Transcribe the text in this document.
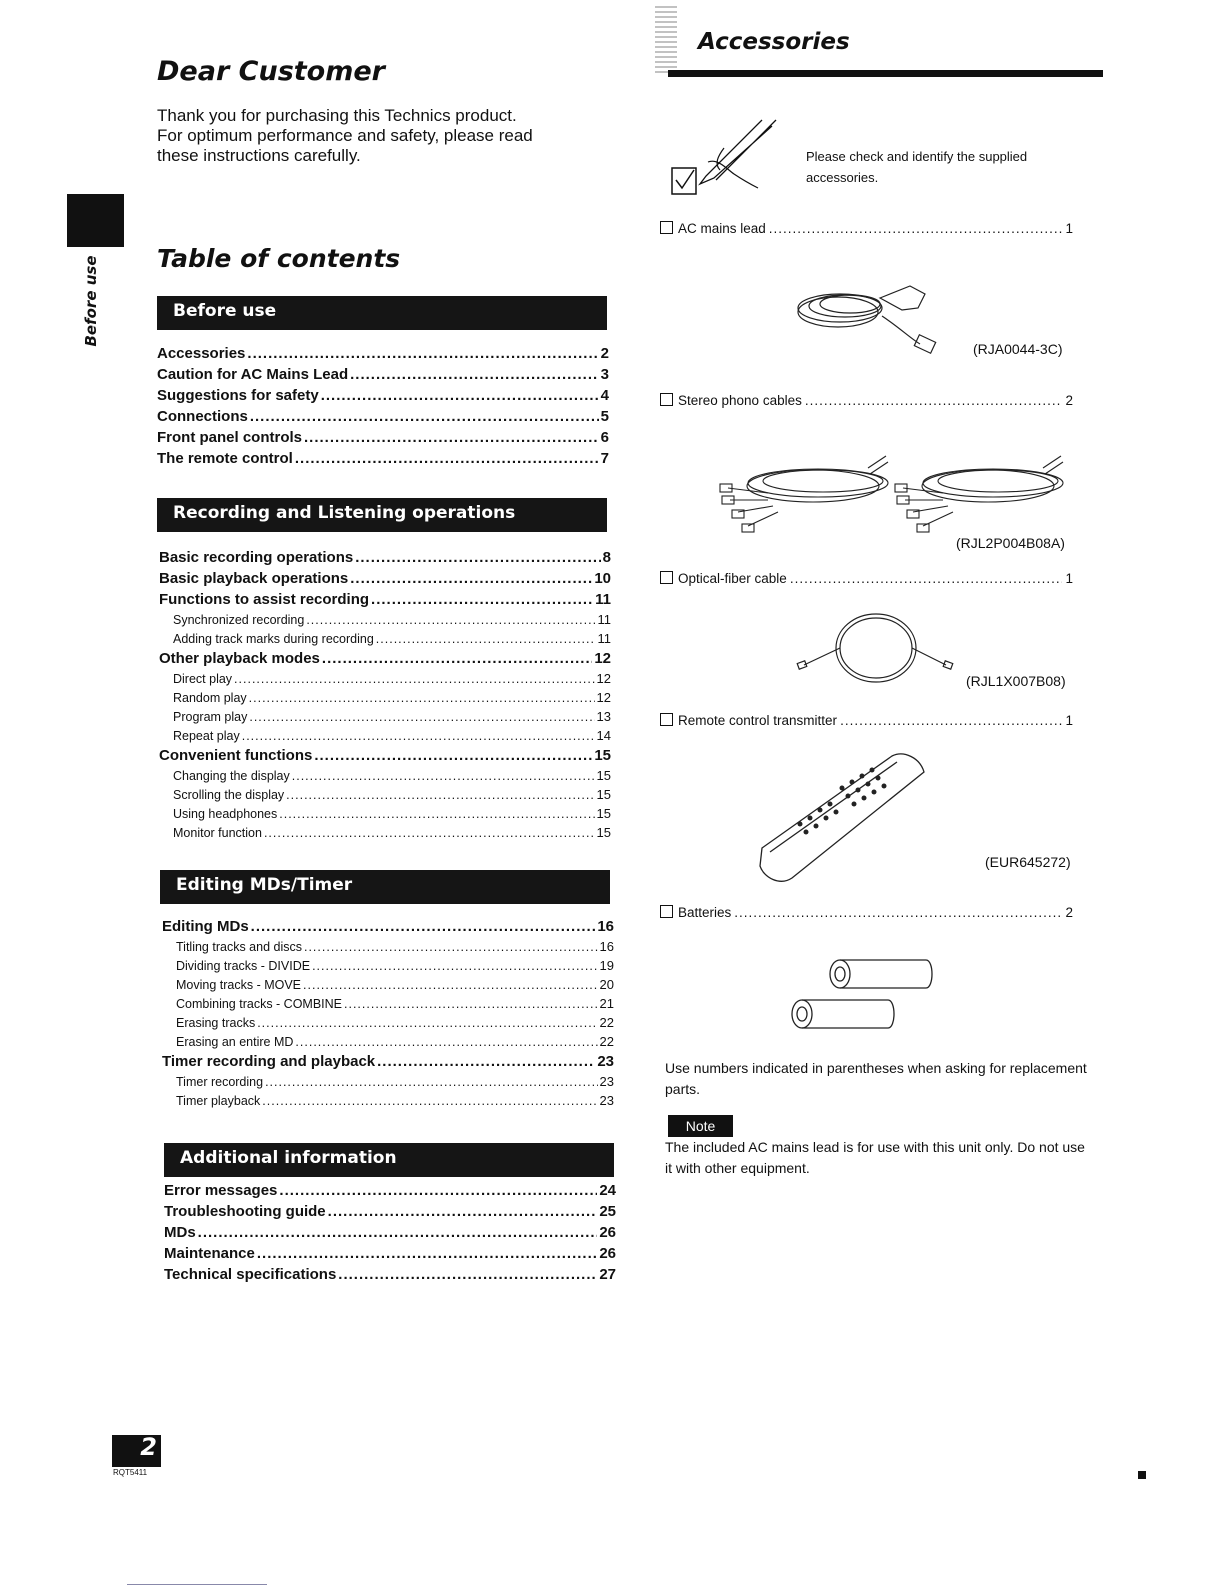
Dear Customer
Thank you for purchasing this Technics product.
For optimum performance and safety, please read
these instructions carefully.
Before use Table of contents
Before use
Accessories .....	2
Caution for AC Mains Lead .....	3
Suggestions for safety .....	4
Connections .....	5
Front panel controls .....	6
The remote control .....	7
Recording and Listening operations
Basic recording operations .....	8
Basic playback operations .....	10
Functions to assist recording .....	11
Synchronized recording .....	11
Adding track marks during recording .....	11
Other playback modes .....	12
Direct play .....	12
Random play .....	12
Program play .....	13
Repeat play .....	14
Convenient functions .....	15
Changing the display .....	15
Scrolling the display .....	15
Using headphones .....	15
Monitor function .....	15
Editing MDs/Timer
Editing MDs .....	16
Titling tracks and discs .....	16
Dividing tracks - DIVIDE .....	19
Moving tracks - MOVE .....	20
Combining tracks - COMBINE .....	21
Erasing tracks .....	22
Erasing an entire MD .....	22
Timer recording and playback .....	23
Timer recording .....	23
Timer playback .....	23
Additional information
Error messages .....	24
Troubleshooting guide .....	25
MDs .....	26
Maintenance .....	26
Technical specifications .....	27
Accessories
Please check and identify the supplied
accessories.
AC mains lead .....	1
(RJA0044-3C)
Stereo phono cables .....	2
(RJL2P004B08A)
Optical-fiber cable .....	1
(RJL1X007B08)
Remote control transmitter .....	1
(EUR645272)
Batteries .....	2
Use numbers indicated in parentheses when asking for replacement
parts.
Note
The included AC mains lead is for use with this unit only. Do not use
it with other equipment.
2
RQT5411
